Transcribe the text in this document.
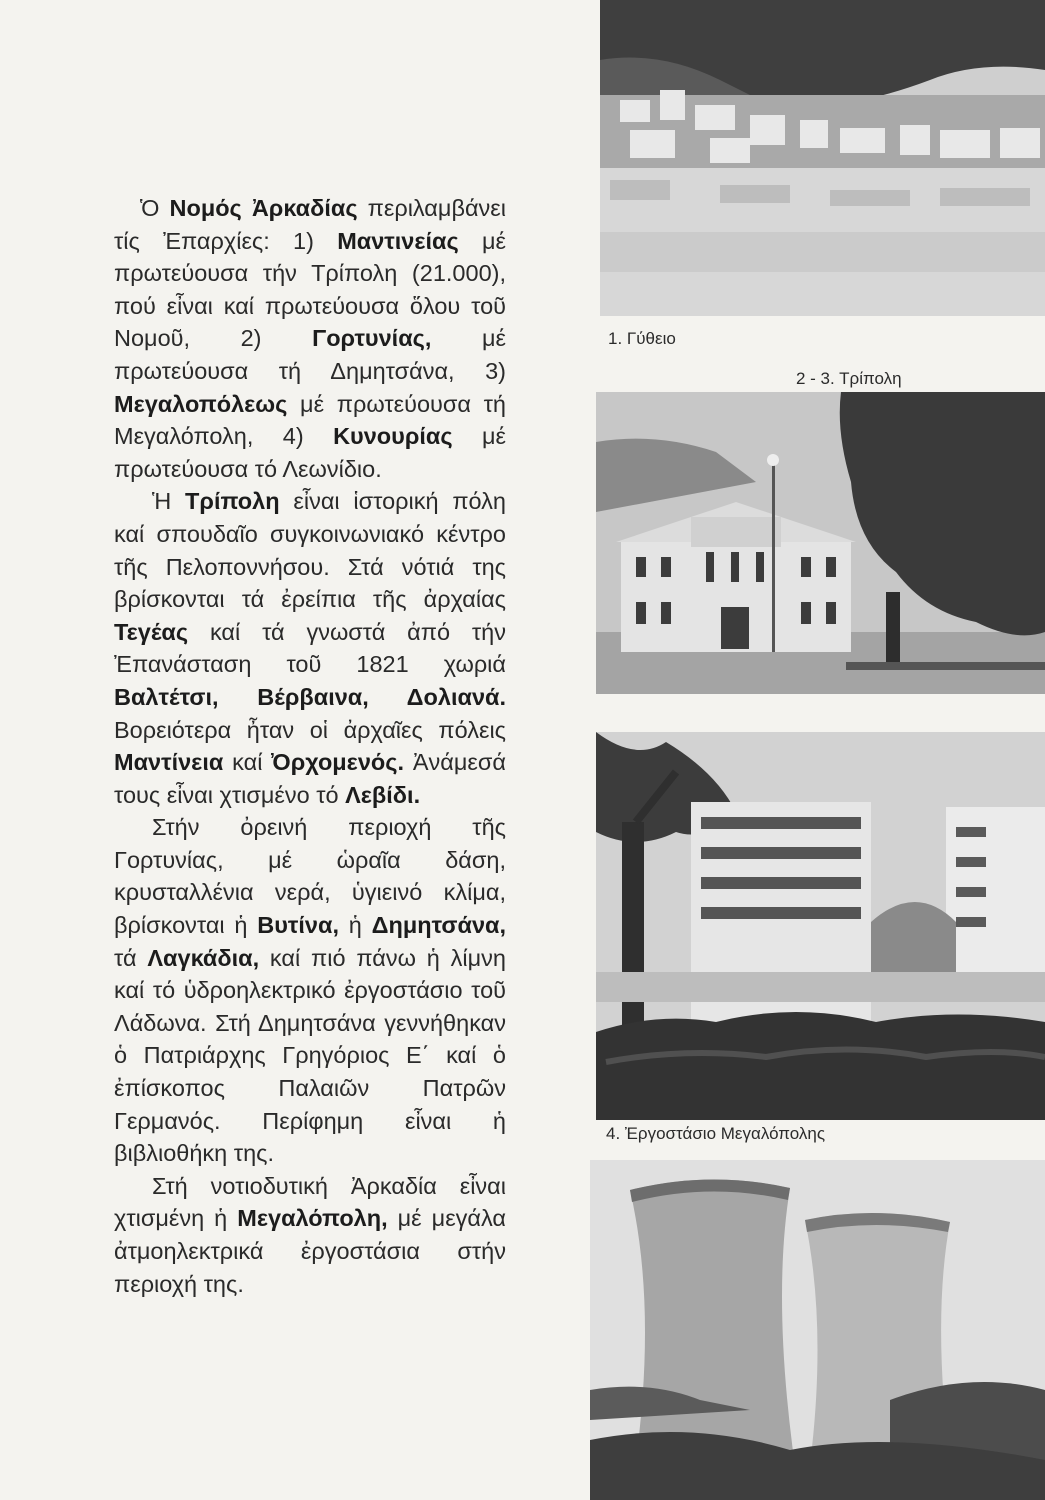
Ὁ Νομός Ἀρκαδίας περιλαμβάνει τίς Ἐπαρχίες: 1) Μαντινείας μέ πρωτεύουσα τήν Τρίπολη (21.000), πού εἶναι καί πρωτεύουσα ὅλου τοῦ Νομοῦ, 2) Γορτυνίας, μέ πρωτεύουσα τή Δημητσάνα, 3) Μεγαλοπόλεως μέ πρωτεύουσα τή Μεγαλόπολη, 4) Κυνουρίας μέ πρωτεύουσα τό Λεωνίδιο.

Ἡ Τρίπολη εἶναι ἱστορική πόλη καί σπουδαῖο συγκοινωνιακό κέντρο τῆς Πελοποννήσου. Στά νότιά της βρίσκονται τά ἐρείπια τῆς ἀρχαίας Τεγέας καί τά γνωστά ἀπό τήν Ἐπανάσταση τοῦ 1821 χωριά Βαλτέτσι, Βέρβαινα, Δολιανά. Βορειότερα ἦταν οἱ ἀρχαῖες πόλεις Μαντίνεια καί Ὀρχομενός. Ἀνάμεσά τους εἶναι χτισμένο τό Λεβίδι.

Στήν ὀρεινή περιοχή τῆς Γορτυνίας, μέ ὡραῖα δάση, κρυσταλλένια νερά, ὑγιεινό κλίμα, βρίσκονται ἡ Βυτίνα, ἡ Δημητσάνα, τά Λαγκάδια, καί πιό πάνω ἡ λίμνη καί τό ὑδροηλεκτρικό ἐργοστάσιο τοῦ Λάδωνα. Στή Δημητσάνα γεννήθηκαν ὁ Πατριάρχης Γρηγόριος Ε΄ καί ὁ ἐπίσκοπος Παλαιῶν Πατρῶν Γερμανός. Περίφημη εἶναι ἡ βιβλιοθήκη της.

Στή νοτιοδυτική Ἀρκαδία εἶναι χτισμένη ἡ Μεγαλόπολη, μέ μεγάλα ἀτμοηλεκτρικά ἐργοστάσια στήν περιοχή της.

1. Γύθειο
2 - 3. Τρίπολη
4. Ἐργοστάσιο Μεγαλόπολης
